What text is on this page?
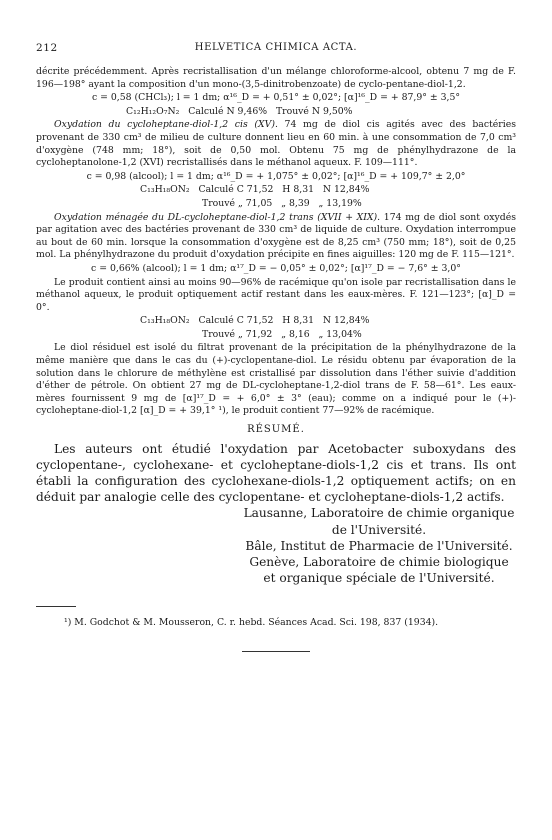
212	HELVETICA CHIMICA ACTA.

décrite précédemment. Après recristallisation d'un mélange chloroforme-alcool, obtenu 7 mg de F. 196—198° ayant la composition d'un mono-(3,5-dinitrobenzoate) de cyclo-pentane-diol-1,2.

c = 0,58 (CHCl₃); l = 1 dm; α¹⁶_D = + 0,51° ± 0,02°; [α]¹⁶_D = + 87,9° ± 3,5°
C₁₂H₁₂O₇N₂   Calculé N 9,46%   Trouvé N 9,50%

Oxydation du cycloheptane-diol-1,2 cis (XV). 74 mg de diol cis agités avec des bactéries provenant de 330 cm³ de milieu de culture donnent lieu en 60 min. à une consommation de 7,0 cm³ d'oxygène (748 mm; 18°), soit de 0,50 mol. Obtenu 75 mg de phénylhydrazone de la cycloheptanolone-1,2 (XVI) recristallisés dans le méthanol aqueux. F. 109—111°.

c = 0,98 (alcool); l = 1 dm; α¹⁶_D = + 1,075° ± 0,02°; [α]¹⁶_D = + 109,7° ± 2,0°
C₁₃H₁₈ON₂   Calculé C 71,52   H 8,31   N 12,84%
Trouvé „ 71,05   „ 8,39   „ 13,19%

Oxydation ménagée du DL-cycloheptane-diol-1,2 trans (XVII + XIX). 174 mg de diol sont oxydés par agitation avec des bactéries provenant de 330 cm³ de liquide de culture. Oxydation interrompue au bout de 60 min. lorsque la consommation d'oxygène est de 8,25 cm³ (750 mm; 18°), soit de 0,25 mol. La phénylhydrazone du produit d'oxydation précipite en fines aiguilles: 120 mg de F. 115—121°.

c = 0,66% (alcool); l = 1 dm; α¹⁷_D = − 0,05° ± 0,02°; [α]¹⁷_D = − 7,6° ± 3,0°

Le produit contient ainsi au moins 90—96% de racémique qu'on isole par recristallisation dans le méthanol aqueux, le produit optiquement actif restant dans les eaux-mères. F. 121—123°; [α]_D = 0°.

C₁₃H₁₈ON₂   Calculé C 71,52   H 8,31   N 12,84%
Trouvé „ 71,92   „ 8,16   „ 13,04%

Le diol résiduel est isolé du filtrat provenant de la précipitation de la phénylhydrazone de la même manière que dans le cas du (+)-cyclopentane-diol. Le résidu obtenu par évaporation de la solution dans le chlorure de méthylène est cristallisé par dissolution dans l'éther suivie d'addition d'éther de pétrole. On obtient 27 mg de DL-cycloheptane-1,2-diol trans de F. 58—61°. Les eaux-mères fournissent 9 mg de [α]¹⁷_D = + 6,0° ± 3° (eau); comme on a indiqué pour le (+)-cycloheptane-diol-1,2 [α]_D = + 39,1° ¹), le produit contient 77—92% de racémique.

RÉSUMÉ.

Les auteurs ont étudié l'oxydation par Acetobacter suboxydans des cyclopentane-, cyclohexane- et cycloheptane-diols-1,2 cis et trans. Ils ont établi la configuration des cyclohexane-diols-1,2 optiquement actifs; on en déduit par analogie celle des cyclopentane- et cycloheptane-diols-1,2 actifs.

Lausanne, Laboratoire de chimie organique de l'Université.
Bâle, Institut de Pharmacie de l'Université.
Genève, Laboratoire de chimie biologique et organique spéciale de l'Université.
¹) M. Godchot & M. Mousseron, C. r. hebd. Séances Acad. Sci. 198, 837 (1934).
